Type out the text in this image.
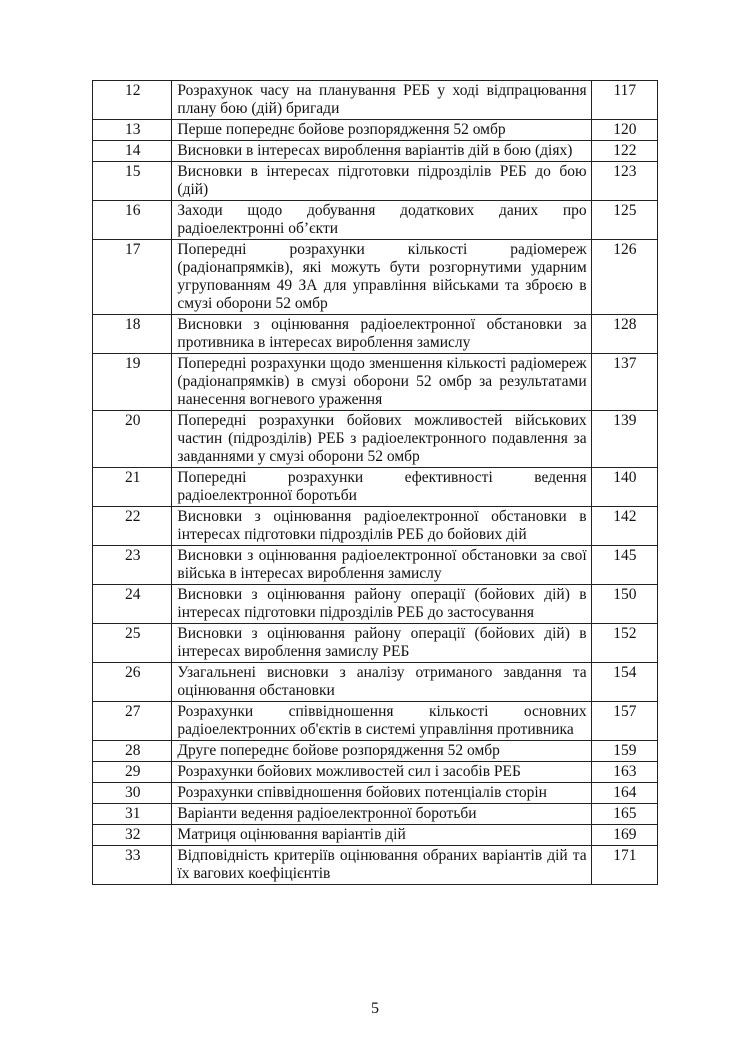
12	Розрахунок часу на планування РЕБ у ході відпрацювання плану бою (дій) бригади	117
13	Перше попереднє бойове розпорядження 52 омбр	120
14	Висновки в інтересах вироблення варіантів дій в бою (діях)	122
15	Висновки в інтересах підготовки підрозділів РЕБ до бою (дій)	123
16	Заходи щодо добування додаткових даних про радіоелектронні об’єкти	125
17	Попередні розрахунки кількості радіомереж (радіонапрямків), які можуть бути розгорнутими ударним угрупованням 49 ЗА для управління військами та зброєю в смузі оборони 52 омбр	126
18	Висновки з оцінювання радіоелектронної обстановки за противника в інтересах вироблення замислу	128
19	Попередні розрахунки щодо зменшення кількості радіомереж (радіонапрямків) в смузі оборони 52 омбр за результатами нанесення вогневого ураження	137
20	Попередні розрахунки бойових можливостей військових частин (підрозділів) РЕБ з радіоелектронного подавлення за завданнями у смузі оборони 52 омбр	139
21	Попередні розрахунки ефективності ведення радіоелектронної боротьби	140
22	Висновки з оцінювання радіоелектронної обстановки в інтересах підготовки підрозділів РЕБ до бойових дій	142
23	Висновки з оцінювання радіоелектронної обстановки за свої війська в інтересах вироблення замислу	145
24	Висновки з оцінювання району операції (бойових дій) в інтересах підготовки підрозділів РЕБ до застосування	150
25	Висновки з оцінювання району операції (бойових дій) в інтересах вироблення замислу РЕБ	152
26	Узагальнені висновки з аналізу отриманого завдання та оцінювання обстановки	154
27	Розрахунки співвідношення кількості основних радіоелектронних об'єктів в системі управління противника	157
28	Друге попереднє бойове розпорядження 52 омбр	159
29	Розрахунки бойових можливостей сил і засобів РЕБ	163
30	Розрахунки співвідношення бойових потенціалів сторін	164
31	Варіанти ведення радіоелектронної боротьби	165
32	Матриця оцінювання варіантів дій	169
33	Відповідність критеріїв оцінювання обраних варіантів дій та їх вагових коефіцієнтів	171
5
